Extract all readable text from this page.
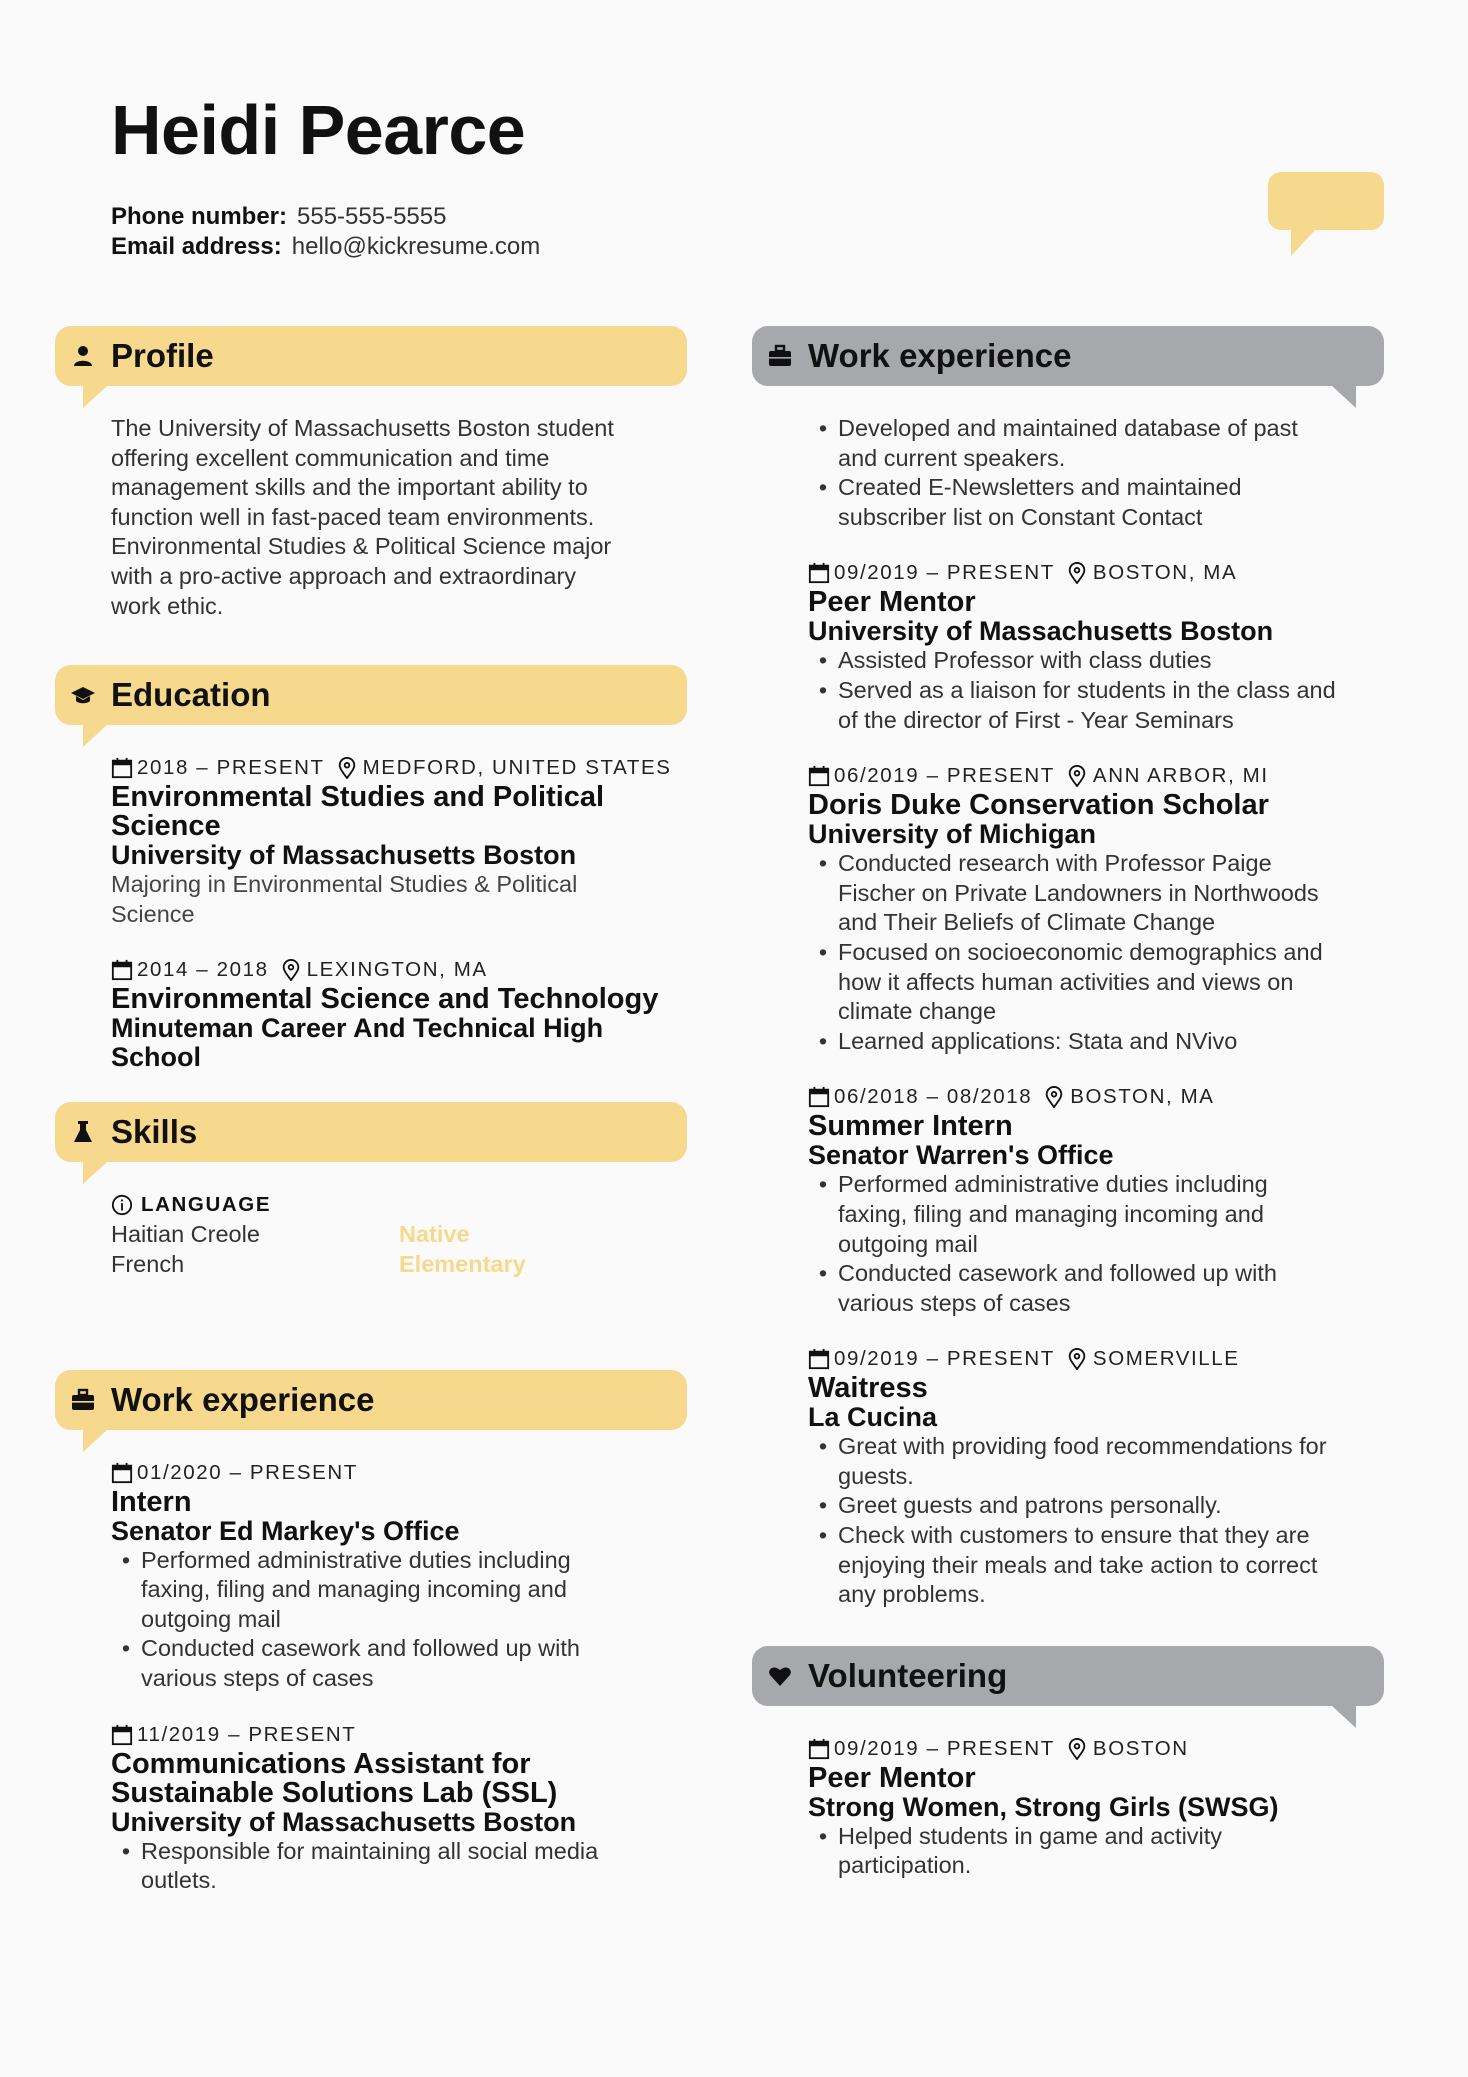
Heidi Pearce
Phone number: 555-555-5555
Email address: hello@kickresume.com
Profile

The University of Massachusetts Boston student
offering excellent communication and time
management skills and the important ability to
function well in fast-paced team environments.
Environmental Studies & Political Science major
with a pro-active approach and extraordinary
work ethic.

Education
2018 – PRESENT MEDFORD, UNITED STATES
Environmental Studies and Political
Science
University of Massachusetts Boston
Majoring in Environmental Studies & Political
Science
2014 – 2018 LEXINGTON, MA
Environmental Science and Technology
Minuteman Career And Technical High
School
Skills
LANGUAGE
Haitian Creole	Native
French	Elementary
Work experience
01/2020 – PRESENT
Intern
Senator Ed Markey's Office
• Performed administrative duties including
faxing, filing and managing incoming and
outgoing mail
• Conducted casework and followed up with
various steps of cases
11/2019 – PRESENT
Communications Assistant for
Sustainable Solutions Lab (SSL)
University of Massachusetts Boston
• Responsible for maintaining all social media
outlets.
Work experience
• Developed and maintained database of past
and current speakers.
• Created E-Newsletters and maintained
subscriber list on Constant Contact
09/2019 – PRESENT BOSTON, MA
Peer Mentor
University of Massachusetts Boston
• Assisted Professor with class duties
• Served as a liaison for students in the class and
of the director of First - Year Seminars
06/2019 – PRESENT ANN ARBOR, MI
Doris Duke Conservation Scholar
University of Michigan
• Conducted research with Professor Paige
Fischer on Private Landowners in Northwoods
and Their Beliefs of Climate Change
• Focused on socioeconomic demographics and
how it affects human activities and views on
climate change
• Learned applications: Stata and NVivo
06/2018 – 08/2018 BOSTON, MA
Summer Intern
Senator Warren's Office
• Performed administrative duties including
faxing, filing and managing incoming and
outgoing mail
• Conducted casework and followed up with
various steps of cases
09/2019 – PRESENT SOMERVILLE
Waitress
La Cucina
• Great with providing food recommendations for
guests.
• Greet guests and patrons personally.
• Check with customers to ensure that they are
enjoying their meals and take action to correct
any problems.
Volunteering
09/2019 – PRESENT BOSTON
Peer Mentor
Strong Women, Strong Girls (SWSG)
• Helped students in game and activity
participation.
